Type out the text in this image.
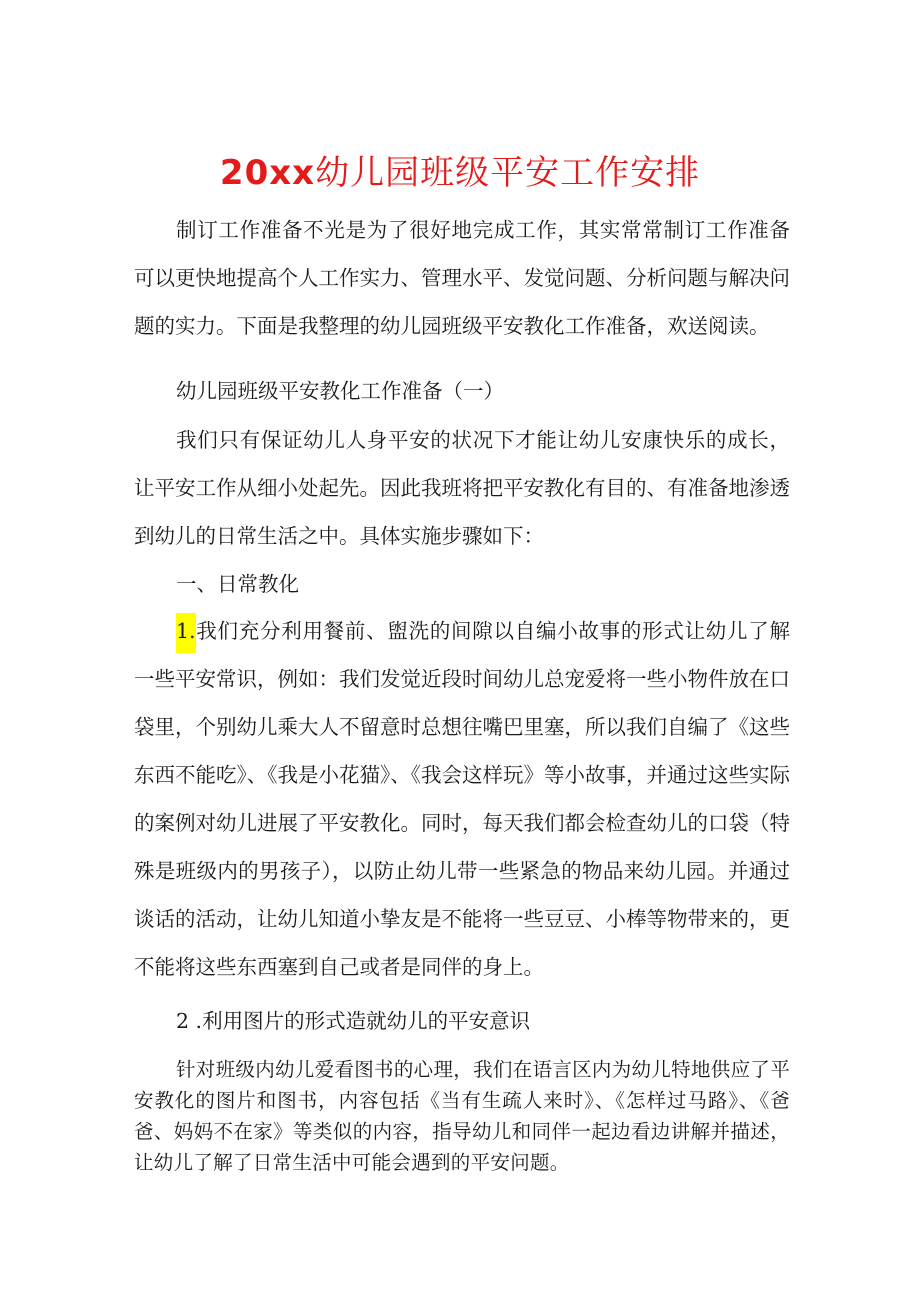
20xx幼儿园班级平安工作安排

制订工作准备不光是为了很好地完成工作，其实常常制订工作准备可以更快地提高个人工作实力、管理水平、发觉问题、分析问题与解决问题的实力。下面是我整理的幼儿园班级平安教化工作准备，欢送阅读。

幼儿园班级平安教化工作准备（一）

我们只有保证幼儿人身平安的状况下才能让幼儿安康快乐的成长，让平安工作从细小处起先。因此我班将把平安教化有目的、有准备地渗透到幼儿的日常生活之中。具体实施步骤如下：

一、日常教化

1.我们充分利用餐前、盥洗的间隙以自编小故事的形式让幼儿了解一些平安常识，例如：我们发觉近段时间幼儿总宠爱将一些小物件放在口袋里，个别幼儿乘大人不留意时总想往嘴巴里塞，所以我们自编了《这些东西不能吃》、《我是小花猫》、《我会这样玩》等小故事，并通过这些实际的案例对幼儿进展了平安教化。同时，每天我们都会检查幼儿的口袋（特殊是班级内的男孩子），以防止幼儿带一些紧急的物品来幼儿园。并通过谈话的活动，让幼儿知道小挚友是不能将一些豆豆、小棒等物带来的，更不能将这些东西塞到自己或者是同伴的身上。

2 .利用图片的形式造就幼儿的平安意识

针对班级内幼儿爱看图书的心理，我们在语言区内为幼儿特地供应了平安教化的图片和图书，内容包括《当有生疏人来时》、《怎样过马路》、《爸爸、妈妈不在家》等类似的内容，指导幼儿和同伴一起边看边讲解并描述，让幼儿了解了日常生活中可能会遇到的平安问题。
